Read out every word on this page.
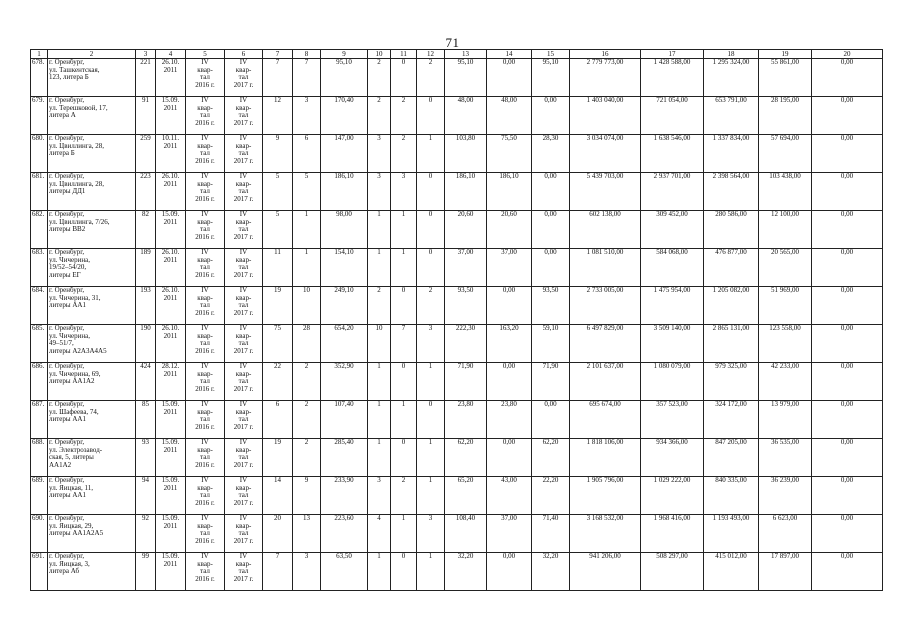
71
1	2	3	4	5	6	7	8	9	10	11	12	13	14	15	16	17	18	19	20
678.	г. Оренбург,
ул. Ташкентская,
123, литера Б	221	26.10.
2011	IV
квар-
тал
2016 г.	IV
квар-
тал
2017 г.	7	7	95,10	2	0	2	95,10	0,00	95,10	2 779 773,00	1 428 588,00	1 295 324,00	55 861,00	0,00
679.	г. Оренбург,
ул. Терешковой, 17,
литера А	91	15.09.
2011	IV
квар-
тал
2016 г.	IV
квар-
тал
2017 г.	12	3	170,40	2	2	0	48,00	48,00	0,00	1 403 040,00	721 054,00	653 791,00	28 195,00	0,00
680.	г. Оренбург,
ул. Цвиллинга, 28,
литера Б	259	10.11.
2011	IV
квар-
тал
2016 г.	IV
квар-
тал
2017 г.	9	6	147,00	3	2	1	103,80	75,50	28,30	3 034 074,00	1 638 546,00	1 337 834,00	57 694,00	0,00
681.	г. Оренбург,
ул. Цвиллинга, 28,
литеры ДД1	223	26.10.
2011	IV
квар-
тал
2016 г.	IV
квар-
тал
2017 г.	5	5	186,10	3	3	0	186,10	186,10	0,00	5 439 703,00	2 937 701,00	2 398 564,00	103 438,00	0,00
682.	г. Оренбург,
ул. Цвиллинга, 7/26,
литеры ВВ2	82	15.09.
2011	IV
квар-
тал
2016 г.	IV
квар-
тал
2017 г.	5	1	98,00	1	1	0	20,60	20,60	0,00	602 138,00	309 452,00	280 586,00	12 100,00	0,00
683.	г. Оренбург,
ул. Чичерина,
19/52–54/20,
литеры ЕГ	189	26.10.
2011	IV
квар-
тал
2016 г.	IV
квар-
тал
2017 г.	11	1	154,10	1	1	0	37,00	37,00	0,00	1 081 510,00	584 068,00	476 877,00	20 565,00	0,00
684.	г. Оренбург,
ул. Чичерина, 31,
литеры АА1	193	26.10.
2011	IV
квар-
тал
2016 г.	IV
квар-
тал
2017 г.	19	10	249,10	2	0	2	93,50	0,00	93,50	2 733 005,00	1 475 954,00	1 205 082,00	51 969,00	0,00
685.	г. Оренбург,
ул. Чичерина,
49–51/7,
литеры А2А3А4А5	190	26.10.
2011	IV
квар-
тал
2016 г.	IV
квар-
тал
2017 г.	75	28	654,20	10	7	3	222,30	163,20	59,10	6 497 829,00	3 509 140,00	2 865 131,00	123 558,00	0,00
686.	г. Оренбург,
ул. Чичерина, 69,
литеры АА1А2	424	28.12.
2011	IV
квар-
тал
2016 г.	IV
квар-
тал
2017 г.	22	2	352,90	1	0	1	71,90	0,00	71,90	2 101 637,00	1 080 079,00	979 325,00	42 233,00	0,00
687.	г. Оренбург,
ул. Шафеева, 74,
литеры АА1	85	15.09.
2011	IV
квар-
тал
2016 г.	IV
квар-
тал
2017 г.	6	2	107,40	1	1	0	23,80	23,80	0,00	695 674,00	357 523,00	324 172,00	13 979,00	0,00
688.	г. Оренбург,
ул. Электрозавод-
ская, 5, литеры
АА1А2	93	15.09.
2011	IV
квар-
тал
2016 г.	IV
квар-
тал
2017 г.	19	2	285,40	1	0	1	62,20	0,00	62,20	1 818 106,00	934 366,00	847 205,00	36 535,00	0,00
689.	г. Оренбург,
ул. Яицкая, 11,
литеры АА1	94	15.09.
2011	IV
квар-
тал
2016 г.	IV
квар-
тал
2017 г.	14	9	233,90	3	2	1	65,20	43,00	22,20	1 905 796,00	1 029 222,00	840 335,00	36 239,00	0,00
690.	г. Оренбург,
ул. Яицкая, 29,
литеры АА1А2А5	92	15.09.
2011	IV
квар-
тал
2016 г.	IV
квар-
тал
2017 г.	20	13	223,60	4	1	3	108,40	37,00	71,40	3 168 532,00	1 968 416,00	1 193 493,00	6 623,00	0,00
691.	г. Оренбург,
ул. Яицкая, 3,
литера Аб	99	15.09.
2011	IV
квар-
тал
2016 г.	IV
квар-
тал
2017 г.	7	3	63,50	1	0	1	32,20	0,00	32,20	941 206,00	508 297,00	415 012,00	17 897,00	0,00
